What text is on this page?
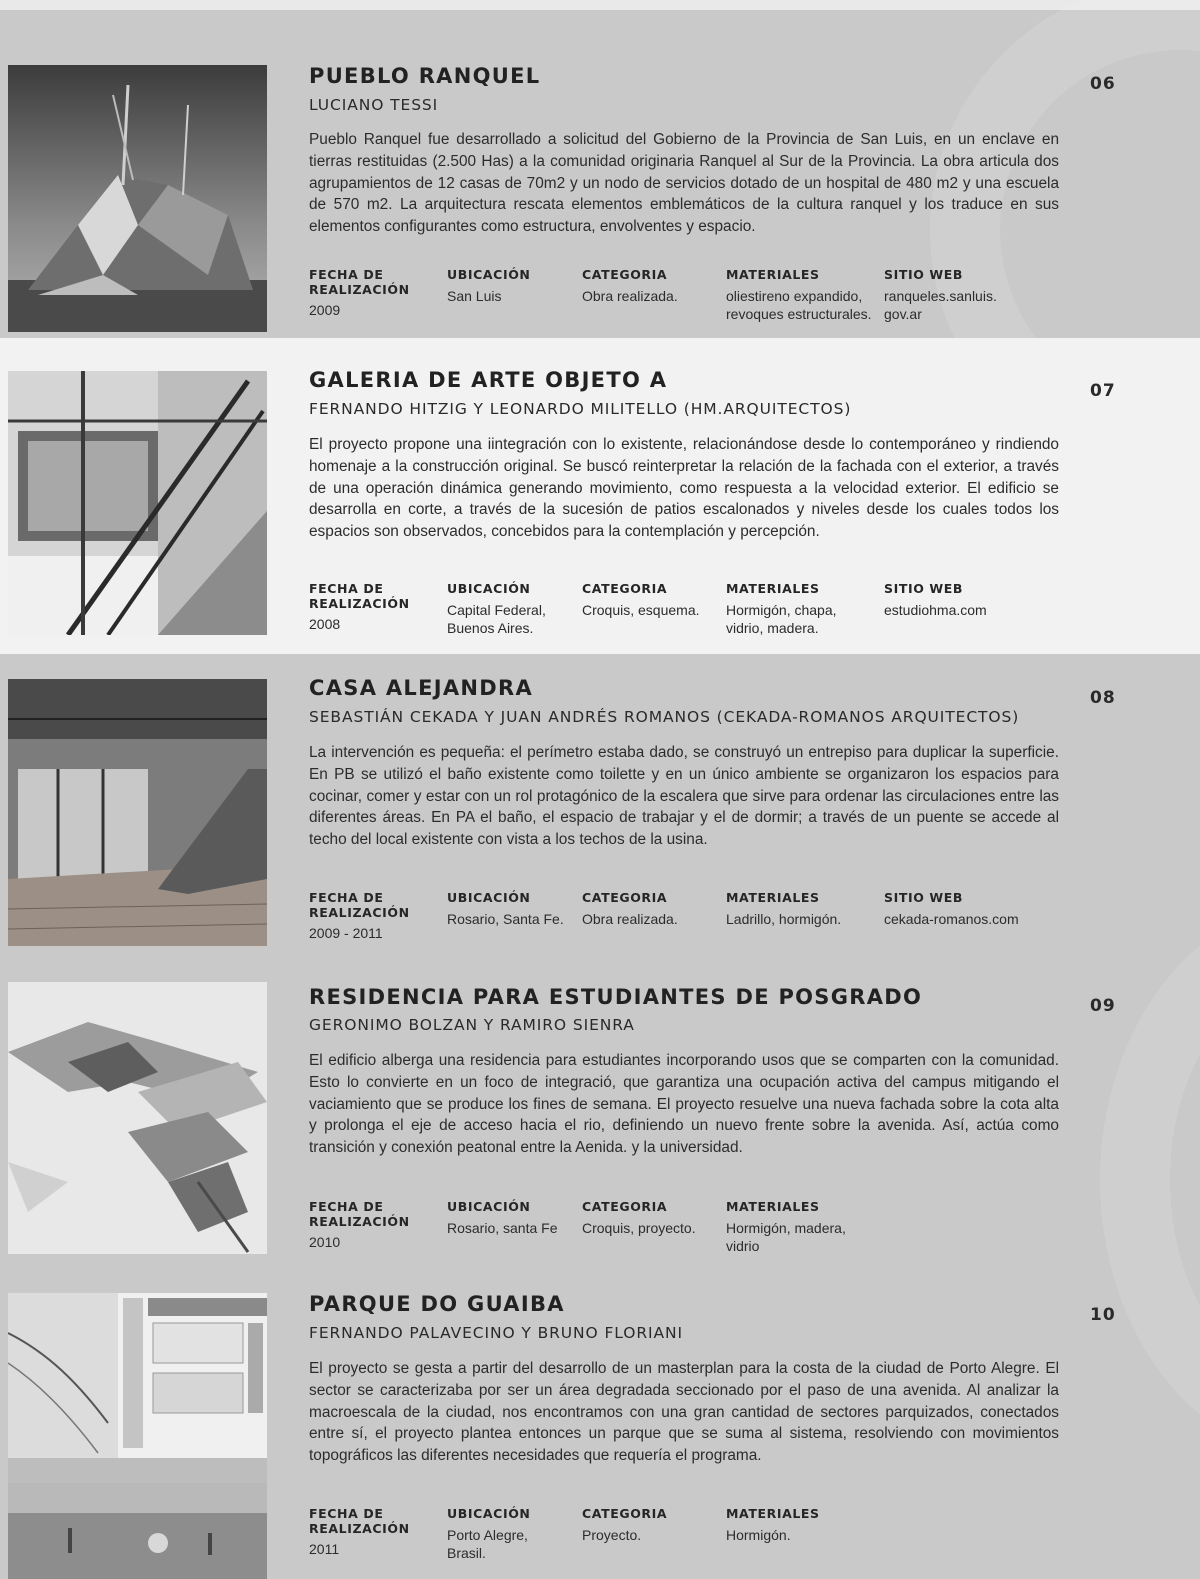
PUEBLO RANQUEL
LUCIANO TESSI
06

Pueblo Ranquel fue desarrollado a solicitud del Gobierno de la Provincia de San Luis, en un enclave en tierras restituidas (2.500 Has) a la comunidad originaria Ranquel al Sur de la Provincia. La obra articula dos agrupamientos de 12 casas de 70m2 y un nodo de servicios dotado de un hospital de 480 m2 y una escuela de 570 m2. La arquitectura rescata elementos emblemáticos de la cultura ranquel y los traduce en sus elementos configurantes como estructura, envolventes y espacio.

FECHA DE
REALIZACIÓN
2009
UBICACIÓN
San Luis
CATEGORIA
Obra realizada.
MATERIALES
oliestireno expandido,
revoques estructurales.
SITIO WEB
ranqueles.sanluis.
gov.ar
GALERIA DE ARTE OBJETO A
FERNANDO HITZIG Y LEONARDO MILITELLO (HM.ARQUITECTOS)
07

El proyecto propone una iintegración con lo existente, relacionándose desde lo contemporáneo y rindiendo homenaje a la construcción original. Se buscó reinterpretar la relación de la fachada con el exterior, a través de una operación dinámica generando movimiento, como respuesta a la velocidad exterior. El edificio se desarrolla en corte, a través de la sucesión de patios escalonados y niveles desde los cuales todos los espacios son observados, concebidos para la contemplación y percepción.

FECHA DE
REALIZACIÓN
2008
UBICACIÓN
Capital Federal,
Buenos Aires.
CATEGORIA
Croquis, esquema.
MATERIALES
Hormigón, chapa,
vidrio, madera.
SITIO WEB
estudiohma.com
CASA ALEJANDRA
SEBASTIÁN CEKADA Y JUAN ANDRÉS ROMANOS (CEKADA-ROMANOS ARQUITECTOS)
08

La intervención es pequeña: el perímetro estaba dado, se construyó un entrepiso para duplicar la superficie. En PB se utilizó el baño existente como toilette y en un único ambiente se organizaron los espacios para cocinar, comer y estar con un rol protagónico de la escalera que sirve para ordenar las circulaciones entre las diferentes áreas. En PA el baño, el espacio de trabajar y el de dormir; a través de un puente se accede al techo del local existente con vista a los techos de la usina.

FECHA DE
REALIZACIÓN
2009 - 2011
UBICACIÓN
Rosario, Santa Fe.
CATEGORIA
Obra realizada.
MATERIALES
Ladrillo, hormigón.
SITIO WEB
cekada-romanos.com
RESIDENCIA PARA ESTUDIANTES DE POSGRADO
GERONIMO BOLZAN Y RAMIRO SIENRA
09

El edificio alberga una residencia para estudiantes incorporando usos que se comparten con la comunidad. Esto lo convierte en un foco de integració, que garantiza una ocupación activa del campus mitigando el vaciamiento que se produce los fines de semana. El proyecto resuelve una nueva fachada sobre la cota alta y prolonga el eje de acceso hacia el rio, definiendo un nuevo frente sobre la avenida. Así, actúa como transición y conexión peatonal entre la Aenida. y la universidad.

FECHA DE
REALIZACIÓN
2010
UBICACIÓN
Rosario, santa Fe
CATEGORIA
Croquis, proyecto.
MATERIALES
Hormigón, madera,
vidrio
PARQUE DO GUAIBA
FERNANDO PALAVECINO Y BRUNO FLORIANI
10

El proyecto se gesta a partir del desarrollo de un masterplan para la costa de la ciudad de Porto Alegre. El sector se caracterizaba por ser un área degradada seccionado por el paso de una avenida. Al analizar la macroescala de la ciudad, nos encontramos con una gran cantidad de sectores parquizados, conectados entre sí, el proyecto plantea entonces un parque que se suma al sistema, resolviendo con movimientos topográficos las diferentes necesidades que requería el programa.

FECHA DE
REALIZACIÓN
2011
UBICACIÓN
Porto Alegre,
Brasil.
CATEGORIA
Proyecto.
MATERIALES
Hormigón.
